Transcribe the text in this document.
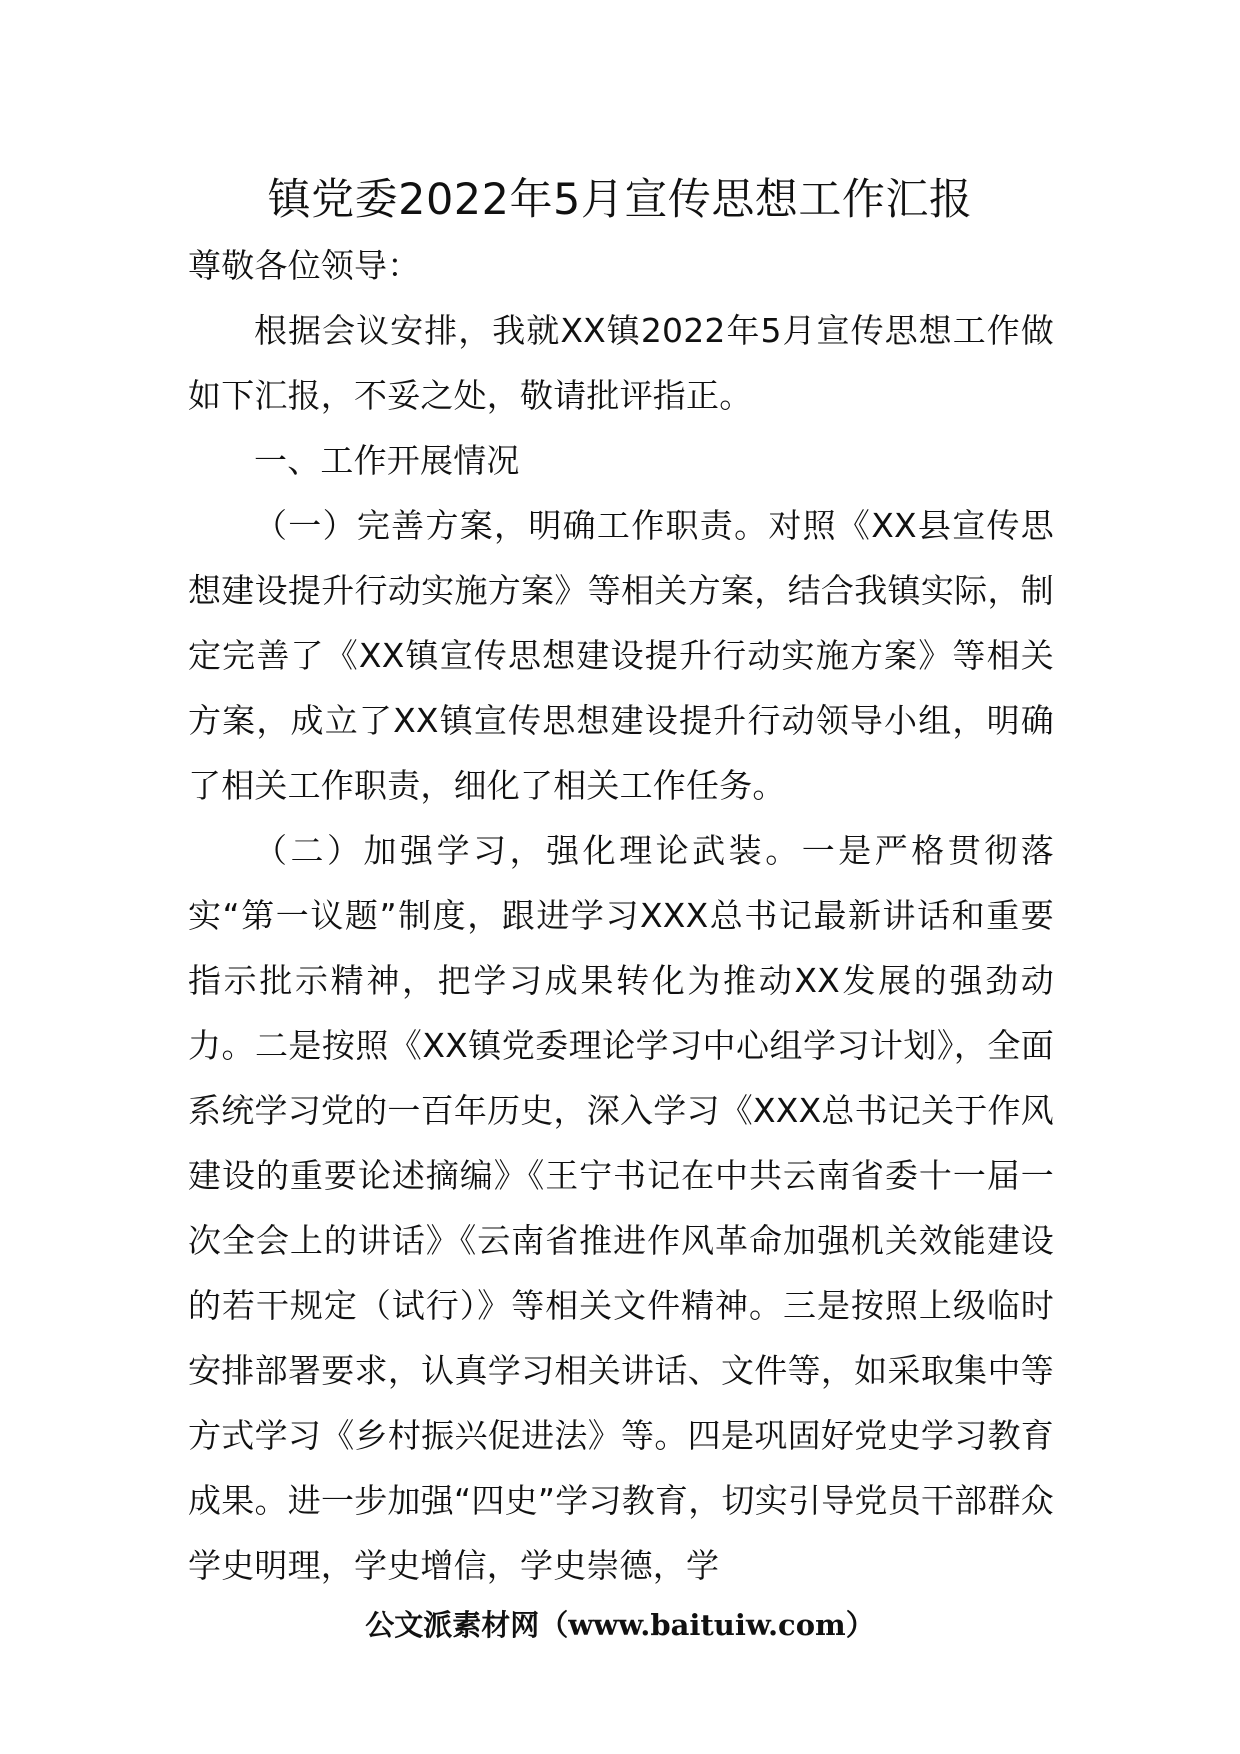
镇党委2022年5月宣传思想工作汇报

尊敬各位领导：

根据会议安排，我就XX镇2022年5月宣传思想工作做如下汇报，不妥之处，敬请批评指正。

一、工作开展情况

（一）完善方案，明确工作职责。对照《XX县宣传思想建设提升行动实施方案》等相关方案，结合我镇实际，制定完善了《XX镇宣传思想建设提升行动实施方案》等相关方案，成立了XX镇宣传思想建设提升行动领导小组，明确了相关工作职责，细化了相关工作任务。

（二）加强学习，强化理论武装。一是严格贯彻落实“第一议题”制度，跟进学习XXX总书记最新讲话和重要指示批示精神，把学习成果转化为推动XX发展的强劲动力。二是按照《XX镇党委理论学习中心组学习计划》，全面系统学习党的一百年历史，深入学习《XXX总书记关于作风建设的重要论述摘编》《王宁书记在中共云南省委十一届一次全会上的讲话》《云南省推进作风革命加强机关效能建设的若干规定（试行）》等相关文件精神。三是按照上级临时安排部署要求，认真学习相关讲话、文件等，如采取集中等方式学习《乡村振兴促进法》等。四是巩固好党史学习教育成果。进一步加强“四史”学习教育，切实引导党员干部群众学史明理，学史增信，学史崇德，学

公文派素材网（www.baituiw.com）
